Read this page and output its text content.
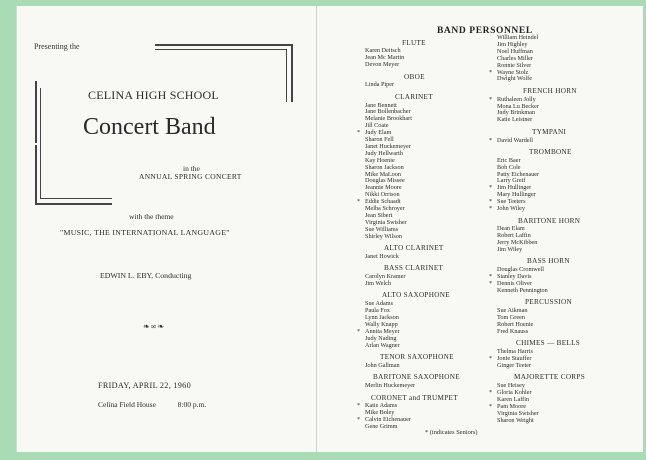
Presenting the
CELINA HIGH SCHOOL
Concert Band
in the
ANNUAL SPRING CONCERT
with the theme
"MUSIC, THE INTERNATIONAL LANGUAGE"
EDWIN L. EBY, Conducting
❧∞❧
FRIDAY, APRIL 22, 1960
Celina Field House	8:00 p.m.
BAND PERSONNEL
FLUTE
Karen Deitsch
Jean Mc Martin
Devon Meyer
OBOE
Linda Piper
CLARINET
Jane Bennett
Jane Bollenbacher
Melanie Brookhart
Jill Coate
* Judy Elam
Sharon Fell
Janet Huckemeyer
Judy Hellwarth
Kay Hoenie
Sharon Jackson
Mike MaLoon
Douglas Missee
Jeannie Moore
Nikki Orrison
* Eddie Schaadt
Melba Schroyer
Jean Sibert
Virginia Swisher
Sue Williams
Shirley Wilson
ALTO CLARINET
Janet Howick
BASS CLARINET
Carolyn Kramer
Jim Welch
ALTO SAXOPHONE
Sue Adams
Paula Fox
Lynn Jackson
Wally Knapp
* Annita Meyer
Judy Nading
Arlan Wagner
TENOR SAXOPHONE
John Gallman
BARITONE SAXOPHONE
Merlin Huckemeyer
CORONET and TRUMPET
* Katie Adams
Mike Boley
* Calvin Eichenauer
Gene Grimm
William Heindel
Jim Highley
Noel Huffman
Charles Miller
Ronnie Silver
* Wayne Stolz
Dwight Wolfe
FRENCH HORN
* Ruthaleen Jolly
Mona Lu Becker
Judy Brinkman
Katie Leistner
TYMPANI
* David Wardell
TROMBONE
Eric Baer
Bob Cole
Patty Eichenauer
Larry Greif
* Jim Hullinger
Mary Hullinger
* Sue Teeters
* John Wiley
BARITONE HORN
Dean Elam
Robert Laffin
Jerry McKibben
Jim Wiley
BASS HORN
Douglas Cromwell
* Stanley Davis
* Dennis Oliver
Kenneth Pennington
PERCUSSION
Sue Aikman
Tom Green
Robert Hoenie
Fred Knauss
CHIMES — BELLS
Thelma Harris
* Jonie Stauffer
Ginger Teeter
MAJORETTE CORPS
Sue Heisey
* Gloria Kohler
Karen Laffin
* Pam Moore
Virginia Swisher
Sharon Weight
* (indicates Seniors)
